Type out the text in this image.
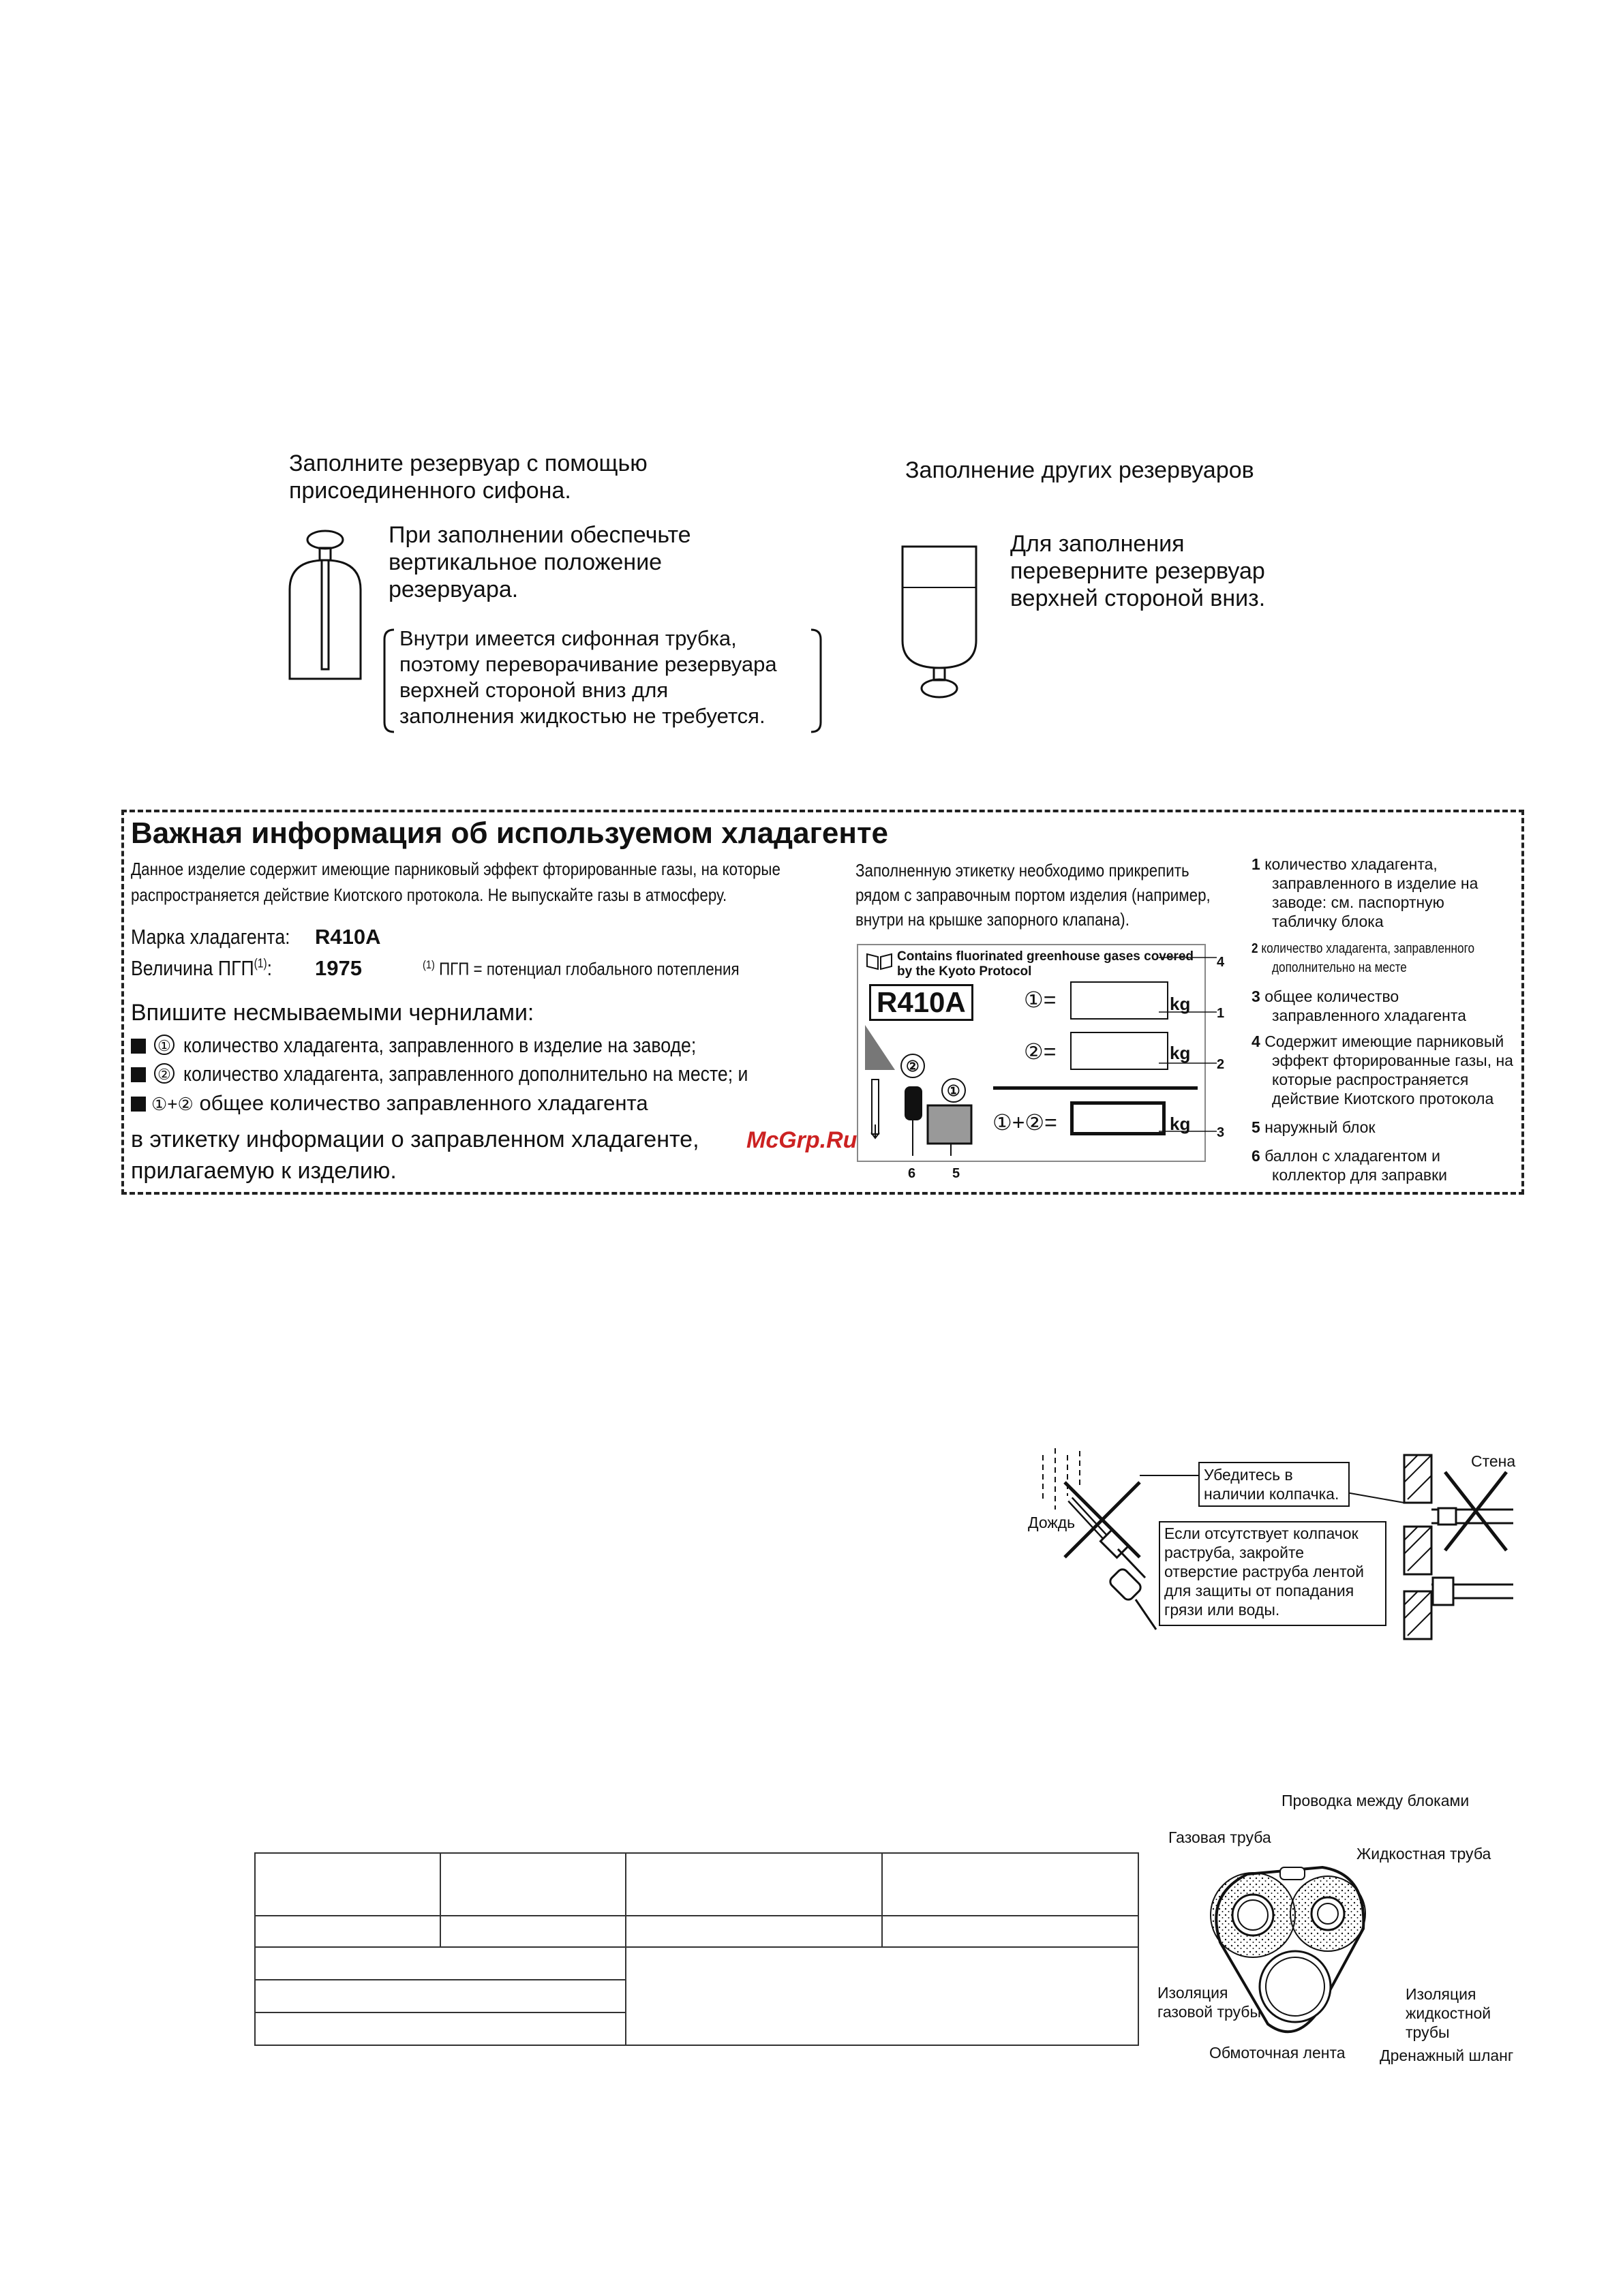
Заполните резервуар с помощью
присоединенного сифона.
При заполнении обеспечьте
вертикальное положение
резервуара.
Внутри имеется сифонная трубка,
поэтому переворачивание резервуара
верхней стороной вниз для
заполнения жидкостью не требуется.
Заполнение других резервуаров
Для заполнения
переверните резервуар
верхней стороной вниз.
Важная информация об используемом хладагенте
Данное изделие содержит имеющие парниковый эффект фторированные газы, на которые
распространяется действие Киотского протокола. Не выпускайте газы в атмосферу.
Марка хладагента: R410A
Величина ПГП$^{(1)}$: 1975	$^{(1)}$ ПГП = потенциал глобального потепления
Впишите несмываемыми чернилами:
① количество хладагента, заправленного в изделие на заводе;
② количество хладагента, заправленного дополнительно на месте; и
①+② общее количество заправленного хладагента
в этикетку информации о заправленном хладагенте,
прилагаемую к изделию.
McGrp.Ru
Заполненную этикетку необходимо прикрепить
рядом с заправочным портом изделия (например,
внутри на крышке запорного клапана).
Contains fluorinated greenhouse gases covered
by the Kyoto Protocol
R410A	①=	kg
②=	kg
①+②=	kg
②
①
4
1
2
3
6	5
1 количество хладагента,
заправленного в изделие на
заводе: см. паспортную
табличку блока
2 количество хладагента, заправленного
дополнительно на месте
3 общее количество
заправленного хладагента
4 Содержит имеющие парниковый
эффект фторированные газы, на
которые распространяется
действие Киотского протокола
5 наружный блок
6 баллон с хладагентом и
коллектор для заправки
Убедитесь в
наличии колпачка.
Если отсутствует колпачок
раструба, закройте
отверстие раструба лентой
для защиты от попадания
грязи или воды.
Стена
Дождь

Проводка между блоками
Газовая труба
Жидкостная труба
Изоляция
газовой трубы
Изоляция
жидкостной
трубы
Обмоточная лента Дренажный шланг
